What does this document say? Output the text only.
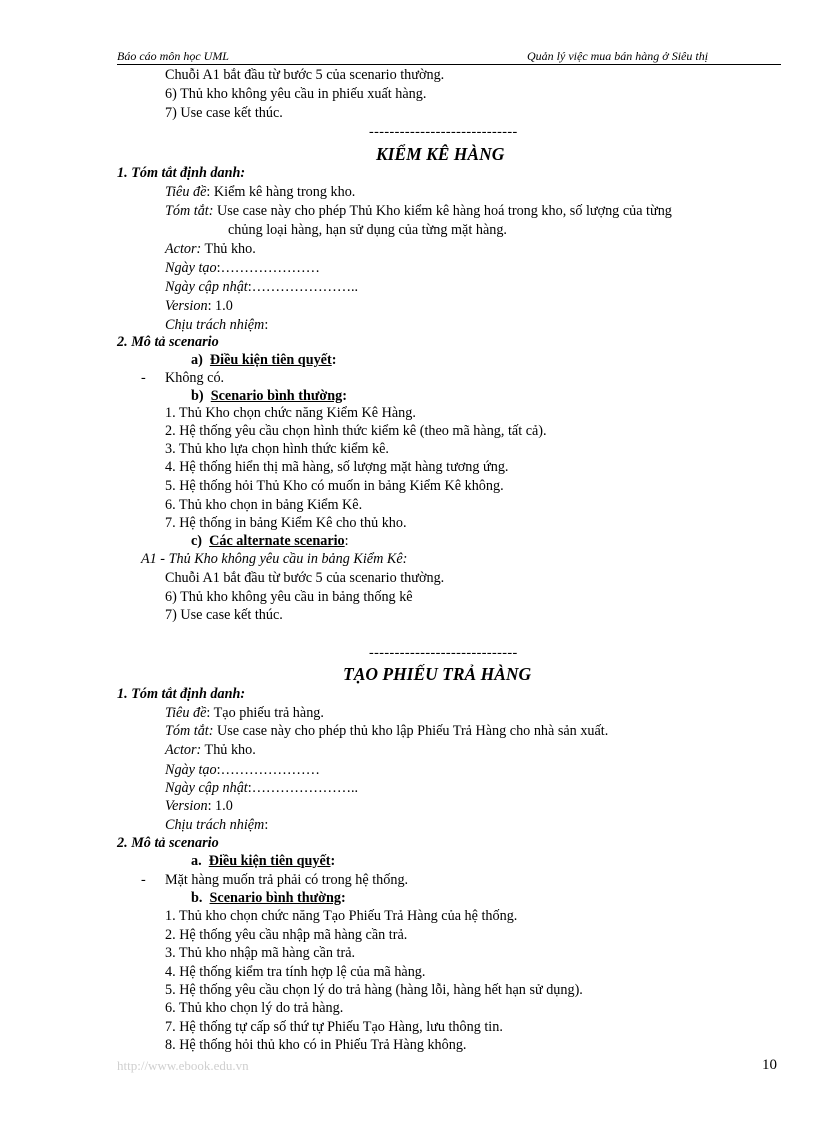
Báo cáo môn học UML	Quản lý việc mua bán hàng ở Siêu thị
Chuỗi A1 bắt đầu từ bước 5 của scenario thường.
6) Thủ kho không yêu cầu in phiếu xuất hàng.
7) Use case kết thúc.
-----------------------------
KIỂM KÊ HÀNG
1. Tóm tắt định danh:
Tiêu đề: Kiểm kê hàng trong kho.
Tóm tắt: Use case này cho phép Thủ Kho kiểm kê hàng hoá trong kho, số lượng của từng
chủng loại hàng, hạn sử dụng của từng mặt hàng.
Actor: Thủ kho.
Ngày tạo:…………………
Ngày cập nhật:…………………..
Version: 1.0
Chịu trách nhiệm:
2. Mô tả scenario
a) Điều kiện tiên quyết:
- Không có.
b) Scenario bình thường:
1. Thủ Kho chọn chức năng Kiểm Kê Hàng.
2. Hệ thống yêu cầu chọn hình thức kiểm kê (theo mã hàng, tất cả).
3. Thủ kho lựa chọn hình thức kiểm kê.
4. Hệ thống hiển thị mã hàng, số lượng mặt hàng tương ứng.
5. Hệ thống hỏi Thủ Kho có muốn in bảng Kiểm Kê không.
6. Thủ kho chọn in bảng Kiểm Kê.
7. Hệ thống in bảng Kiểm Kê cho thủ kho.
c) Các alternate scenario:
A1 - Thủ Kho không yêu cầu in bảng Kiểm Kê:
Chuỗi A1 bắt đầu từ bước 5 của scenario thường.
6) Thủ kho không yêu cầu in bảng thống kê
7) Use case kết thúc.
-----------------------------
TẠO PHIẾU TRẢ HÀNG
1. Tóm tắt định danh:
Tiêu đề: Tạo phiếu trả hàng.
Tóm tắt: Use case này cho phép thủ kho lập Phiếu Trả Hàng cho nhà sản xuất.
Actor: Thủ kho.
Ngày tạo:…………………
Ngày cập nhật:…………………..
Version: 1.0
Chịu trách nhiệm:
2. Mô tả scenario
a. Điều kiện tiên quyết:
- Mặt hàng muốn trả phải có trong hệ thống.
b. Scenario bình thường:
1. Thủ kho chọn chức năng Tạo Phiếu Trả Hàng của hệ thống.
2. Hệ thống yêu cầu nhập mã hàng cần trả.
3. Thủ kho nhập mã hàng cần trả.
4. Hệ thống kiểm tra tính hợp lệ của mã hàng.
5. Hệ thống yêu cầu chọn lý do trả hàng (hàng lỗi, hàng hết hạn sử dụng).
6. Thủ kho chọn lý do trả hàng.
7. Hệ thống tự cấp số thứ tự Phiếu Tạo Hàng, lưu thông tin.
8. Hệ thống hỏi thủ kho có in Phiếu Trả Hàng không.
http://www.ebook.edu.vn	10
